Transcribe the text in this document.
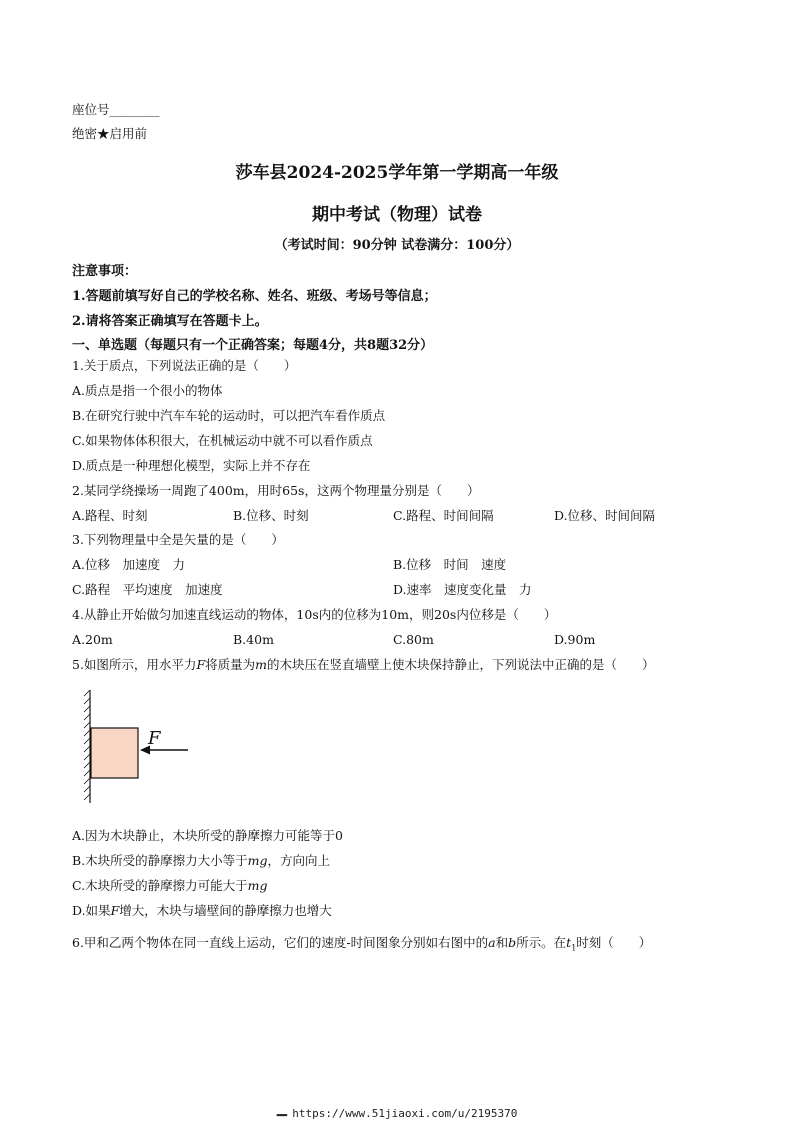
座位号________
绝密★启用前
莎车县2024-2025学年第一学期高一年级
期中考试（物理）试卷
（考试时间：90分钟 试卷满分：100分）
注意事项：
1.答题前填写好自己的学校名称、姓名、班级、考场号等信息；
2.请将答案正确填写在答题卡上。
一、单选题（每题只有一个正确答案；每题4分，共8题32分）
1.关于质点，下列说法正确的是（　　）
A.质点是指一个很小的物体
B.在研究行驶中汽车车轮的运动时，可以把汽车看作质点
C.如果物体体积很大，在机械运动中就不可以看作质点
D.质点是一种理想化模型，实际上并不存在
2.某同学绕操场一周跑了400m，用时65s，这两个物理量分别是（　　）
A.路程、时刻	B.位移、时刻	C.路程、时间间隔	D.位移、时间间隔
3.下列物理量中全是矢量的是（　　）
A.位移　加速度　力	B.位移　时间　速度
C.路程　平均速度　加速度	D.速率　速度变化量　力
4.从静止开始做匀加速直线运动的物体，10s内的位移为10m，则20s内位移是（　　）
A.20m	B.40m	C.80m	D.90m
5.如图所示，用水平力F将质量为m的木块压在竖直墙壁上使木块保持静止，下列说法中正确的是（　　）
F
A.因为木块静止，木块所受的静摩擦力可能等于0
B.木块所受的静摩擦力大小等于mg，方向向上
C.木块所受的静摩擦力可能大于mg
D.如果F增大，木块与墙壁间的静摩擦力也增大
6.甲和乙两个物体在同一直线上运动，它们的速度-时间图象分别如右图中的a和b所示。在$t_1$时刻（　　）
▬▬▬ https://www.51jiaoxi.com/u/2195370
